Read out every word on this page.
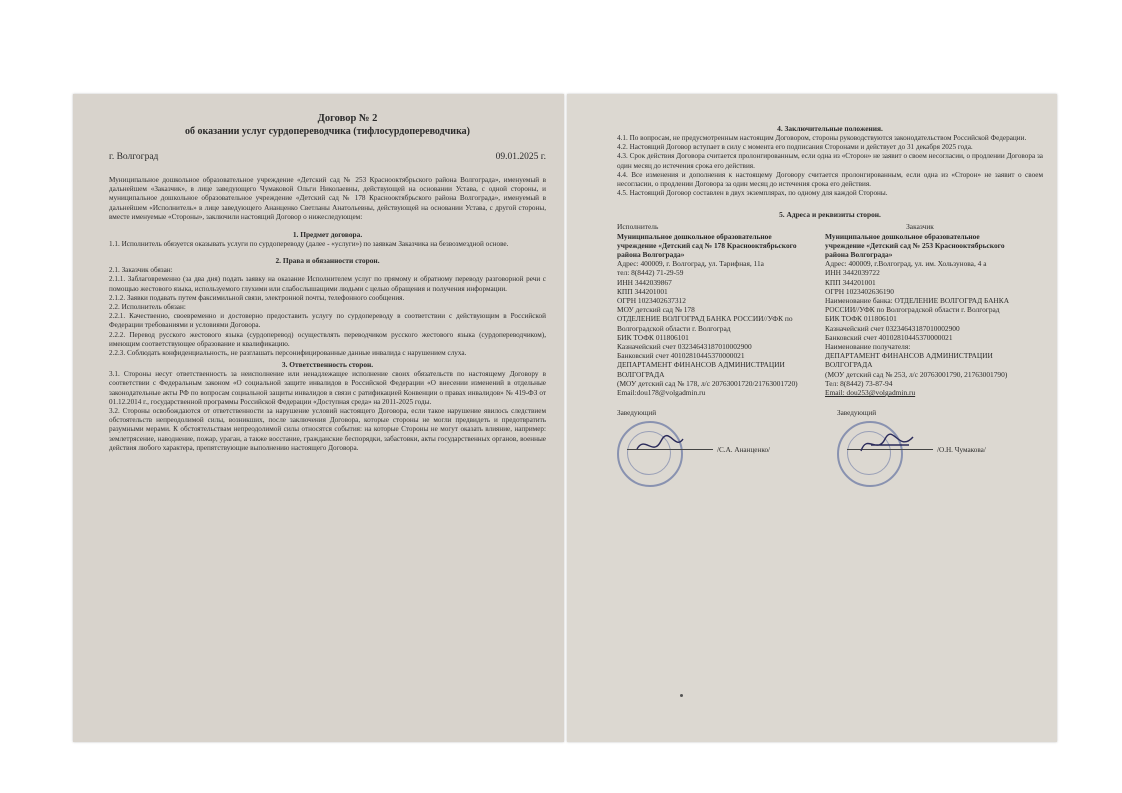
Договор № 2
об оказании услуг сурдопереводчика (тифлосурдопереводчика)
г. Волгоград	09.01.2025 г.

Муниципальное дошкольное образовательное учреждение «Детский сад № 253 Краснооктябрьского района Волгограда», именуемый в дальнейшем «Заказчик», в лице заведующего Чумаковой Ольги Николаевны, действующей на основании Устава, с одной стороны, и муниципальное дошкольное образовательное учреждение «Детский сад № 178 Краснооктябрьского района Волгограда», именуемый в дальнейшем «Исполнитель» в лице заведующего Ананценко Светланы Анатольевны, действующей на основании Устава, с другой стороны, вместе именуемые «Стороны», заключили настоящий Договор о нижеследующем:

1. Предмет договора.

1.1. Исполнитель обязуется оказывать услуги по сурдопереводу (далее - «услуги») по заявкам Заказчика на безвозмездной основе.

2. Права и обязанности сторон.

2.1. Заказчик обязан:

2.1.1. Заблаговременно (за два дня) подать заявку на оказание Исполнителем услуг по прямому и обратному переводу разговорной речи с помощью жестового языка, используемого глухими или слабослышащими людьми с целью обращения и получения информации.

2.1.2. Заявки подавать путем факсимильной связи, электронной почты, телефонного сообщения.

2.2. Исполнитель обязан:

2.2.1. Качественно, своевременно и достоверно предоставить услугу по сурдопереводу в соответствии с действующим в Российской Федерации требованиями и условиями Договора.

2.2.2. Перевод русского жестового языка (сурдоперевод) осуществлять переводчиком русского жестового языка (сурдопереводчиком), имеющим соответствующее образование и квалификацию.

2.2.3. Соблюдать конфиденциальность, не разглашать персонифицированные данные инвалида с нарушением слуха.

3. Ответственность сторон.

3.1. Стороны несут ответственность за неисполнение или ненадлежащее исполнение своих обязательств по настоящему Договору в соответствии с Федеральным законом «О социальной защите инвалидов в Российской Федерации «О внесении изменений в отдельные законодательные акты РФ по вопросам социальной защиты инвалидов в связи с ратификацией Конвенции о правах инвалидов» № 419-ФЗ от 01.12.2014 г., государственной программы Российской Федерации «Доступная среда» на 2011-2025 годы.

3.2. Стороны освобождаются от ответственности за нарушение условий настоящего Договора, если такое нарушение явилось следствием обстоятельств непреодолимой силы, возникших, после заключения Договора, которые стороны не могли предвидеть и предотвратить разумными мерами. К обстоятельствам непреодолимой силы относятся события: на которые Стороны не могут оказать влияние, например: землетрясение, наводнение, пожар, ураган, а также восстание, гражданские беспорядки, забастовки, акты государственных органов, военные действия любого характера, препятствующие выполнению настоящего Договора.

4. Заключительные положения.

4.1. По вопросам, не предусмотренным настоящим Договором, стороны руководствуются законодательством Российской Федерации.

4.2. Настоящий Договор вступает в силу с момента его подписания Сторонами и действует до 31 декабря 2025 года.

4.3. Срок действия Договора считается пролонгированным, если одна из «Сторон» не заявит о своем несогласии, о продлении Договора за один месяц до истечения срока его действия.

4.4. Все изменения и дополнения к настоящему Договору считается пролонгированным, если одна из «Сторон» не заявит о своем несогласии, о продлении Договора за один месяц до истечения срока его действия.

4.5. Настоящий Договор составлен в двух экземплярах, по одному для каждой Стороны.

5. Адреса и реквизиты сторон.
Исполнитель
Муниципальное дошкольное образовательное учреждение «Детский сад № 178 Краснооктябрьского района Волгограда»
Адрес: 400009, г. Волгоград, ул. Тарифная, 11а
тел: 8(8442) 71-29-59
ИНН 3442039867
КПП 344201001
ОГРН 1023402637312
МОУ детский сад № 178
ОТДЕЛЕНИЕ ВОЛГОГРАД БАНКА РОССИИ//УФК по Волгоградской области г. Волгоград
БИК ТОФК 011806101
Казначейский счет 03234643187010002900
Банковский счет 40102810445370000021
ДЕПАРТАМЕНТ ФИНАНСОВ АДМИНИСТРАЦИИ ВОЛГОГРАДА
(МОУ детский сад № 178, л/с 20763001720/21763001720)
Email:dou178@volgadmin.ru
Заказчик
Муниципальное дошкольное образовательное учреждение «Детский сад № 253 Краснооктябрьского района Волгограда»
Адрес: 400009, г.Волгоград, ул. им. Хользунова, 4 а
ИНН 3442039722
КПП 344201001
ОГРН 1023402636190
Наименование банка: ОТДЕЛЕНИЕ ВОЛГОГРАД БАНКА РОССИИ//УФК по Волгоградской области г. Волгоград
БИК ТОФК 011806101
Казначейский счет 03234643187010002900
Банковский счет 40102810445370000021
Наименование получателя:
ДЕПАРТАМЕНТ ФИНАНСОВ АДМИНИСТРАЦИИ ВОЛГОГРАДА
(МОУ детский сад № 253, л/с 20763001790, 21763001790)
Тел: 8(8442) 73-87-94
Email: dou253@volgadmin.ru
Заведующий
/С.А. Ананценко/
Заведующий
/О.Н. Чумакова/
